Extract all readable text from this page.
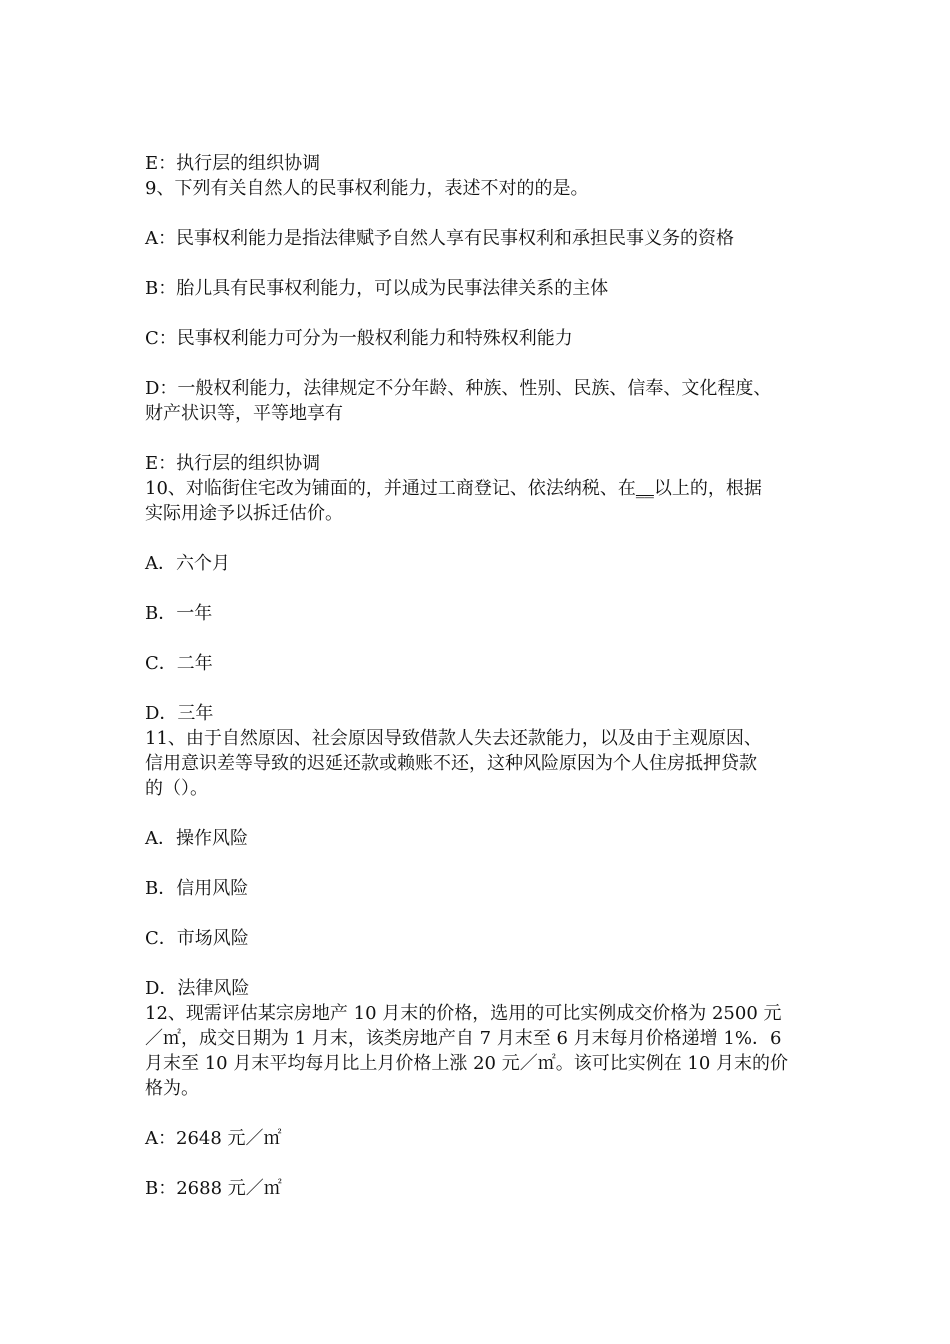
E：执行层的组织协调
9、下列有关自然人的民事权利能力，表述不对的的是。
A：民事权利能力是指法律赋予自然人享有民事权利和承担民事义务的资格
B：胎儿具有民事权利能力，可以成为民事法律关系的主体
C：民事权利能力可分为一般权利能力和特殊权利能力
D：一般权利能力，法律规定不分年龄、种族、性别、民族、信奉、文化程度、
财产状识等，平等地享有
E：执行层的组织协调
10、对临街住宅改为铺面的，并通过工商登记、依法纳税、在__以上的，根据
实际用途予以拆迁估价。
A．六个月
B．一年
C．二年
D．三年
11、由于自然原因、社会原因导致借款人失去还款能力，以及由于主观原因、
信用意识差等导致的迟延还款或赖账不还，这种风险原因为个人住房抵押贷款
的（）。
A．操作风险
B．信用风险
C．市场风险
D．法律风险
12、现需评估某宗房地产 10 月末的价格，选用的可比实例成交价格为 2500 元
／㎡，成交日期为 1 月末，该类房地产自 7 月末至 6 月末每月价格递增 1%．6
月末至 10 月末平均每月比上月价格上涨 20 元／㎡。该可比实例在 10 月末的价
格为。
A：2648 元／㎡
B：2688 元／㎡
